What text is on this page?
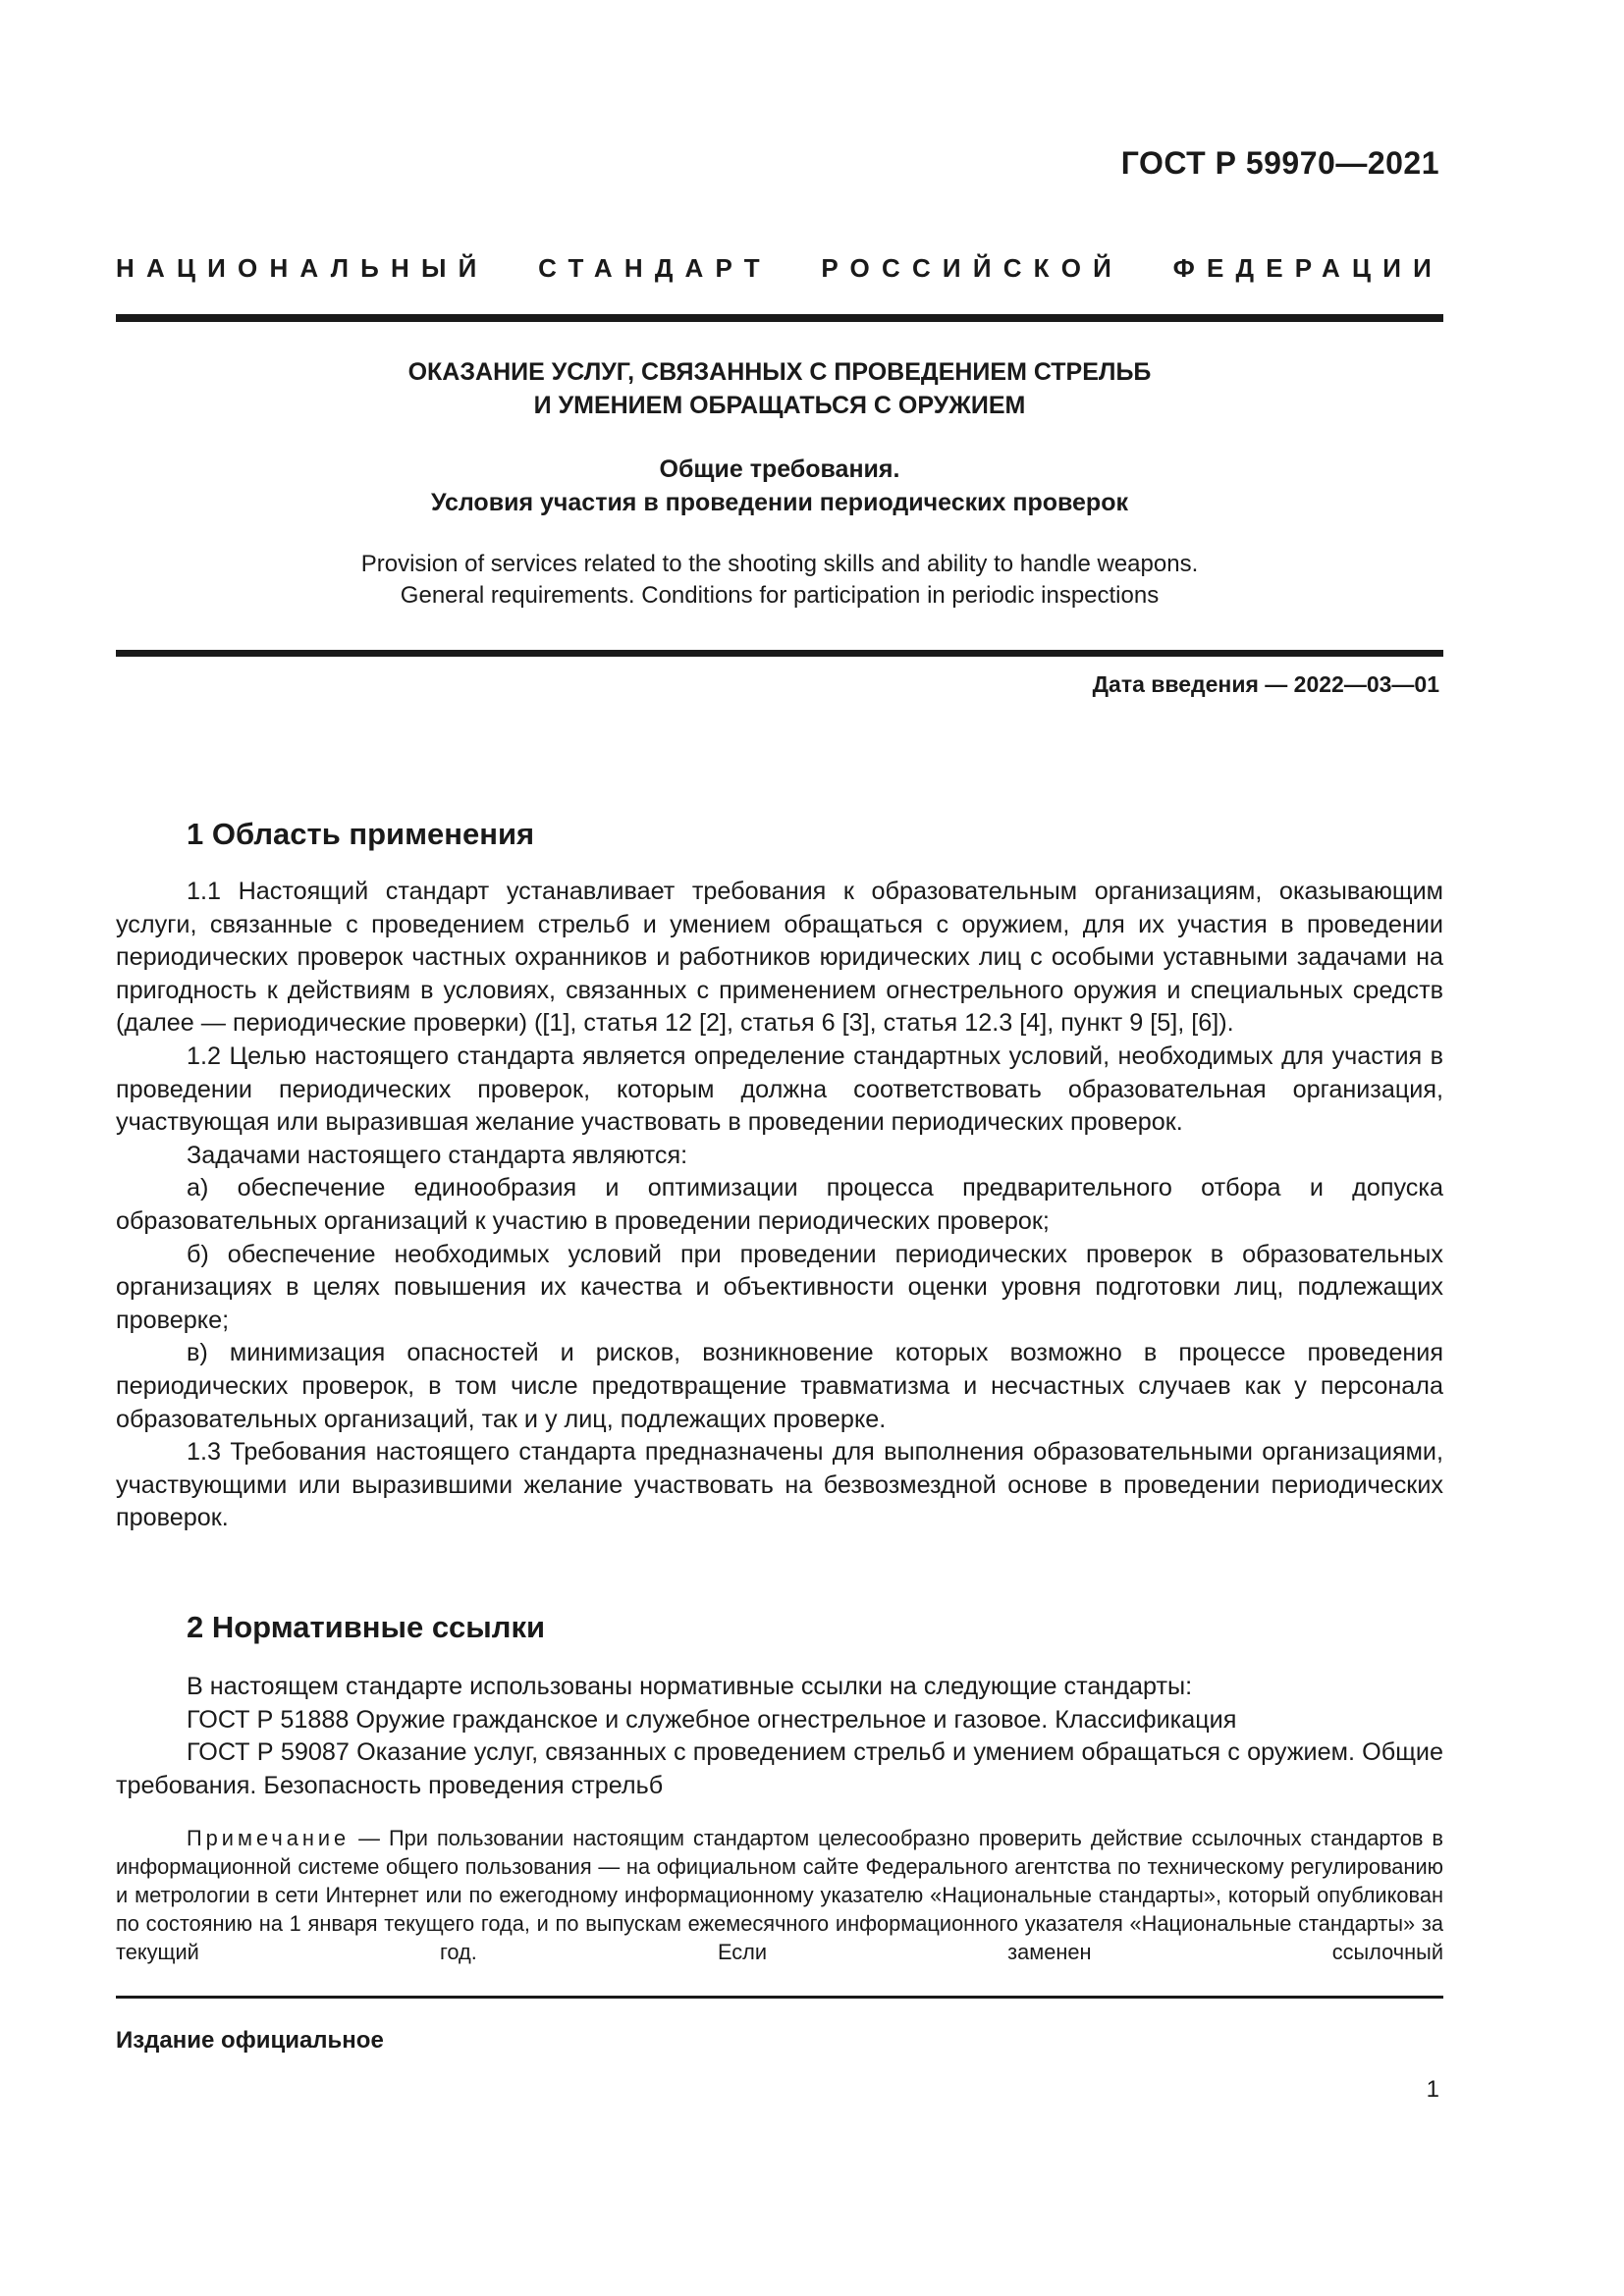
ГОСТ Р 59970—2021
НАЦИОНАЛЬНЫЙ СТАНДАРТ РОССИЙСКОЙ ФЕДЕРАЦИИ

ОКАЗАНИЕ УСЛУГ, СВЯЗАННЫХ С ПРОВЕДЕНИЕМ СТРЕЛЬБ

И УМЕНИЕМ ОБРАЩАТЬСЯ С ОРУЖИЕМ

Общие требования.

Условия участия в проведении периодических проверок

Provision of services related to the shooting skills and ability to handle weapons.

General requirements. Conditions for participation in periodic inspections

Дата введения — 2022—03—01
1 Область применения

1.1 Настоящий стандарт устанавливает требования к образовательным организациям, оказывающим услуги, связанные с проведением стрельб и умением обращаться с оружием, для их участия в проведении периодических проверок частных охранников и работников юридических лиц с особыми уставными задачами на пригодность к действиям в условиях, связанных с применением огнестрельного оружия и специальных средств (далее — периодические проверки) ([1], статья 12 [2], статья 6 [3], статья 12.3 [4], пункт 9 [5], [6]).

1.2 Целью настоящего стандарта является определение стандартных условий, необходимых для участия в проведении периодических проверок, которым должна соответствовать образовательная организация, участвующая или выразившая желание участвовать в проведении периодических проверок.

Задачами настоящего стандарта являются:

а) обеспечение единообразия и оптимизации процесса предварительного отбора и допуска образовательных организаций к участию в проведении периодических проверок;

б) обеспечение необходимых условий при проведении периодических проверок в образовательных организациях в целях повышения их качества и объективности оценки уровня подготовки лиц, подлежащих проверке;

в) минимизация опасностей и рисков, возникновение которых возможно в процессе проведения периодических проверок, в том числе предотвращение травматизма и несчастных случаев как у персонала образовательных организаций, так и у лиц, подлежащих проверке.

1.3 Требования настоящего стандарта предназначены для выполнения образовательными организациями, участвующими или выразившими желание участвовать на безвозмездной основе в проведении периодических проверок.

2 Нормативные ссылки

В настоящем стандарте использованы нормативные ссылки на следующие стандарты:

ГОСТ Р 51888 Оружие гражданское и служебное огнестрельное и газовое. Классификация

ГОСТ Р 59087 Оказание услуг, связанных с проведением стрельб и умением обращаться с оружием. Общие требования. Безопасность проведения стрельб

Примечание — При пользовании настоящим стандартом целесообразно проверить действие ссылочных стандартов в информационной системе общего пользования — на официальном сайте Федерального агентства по техническому регулированию и метрологии в сети Интернет или по ежегодному информационному указателю «Национальные стандарты», который опубликован по состоянию на 1 января текущего года, и по выпускам ежемесячного информационного указателя «Национальные стандарты» за текущий год. Если заменен ссылочный

Издание официальное
1
